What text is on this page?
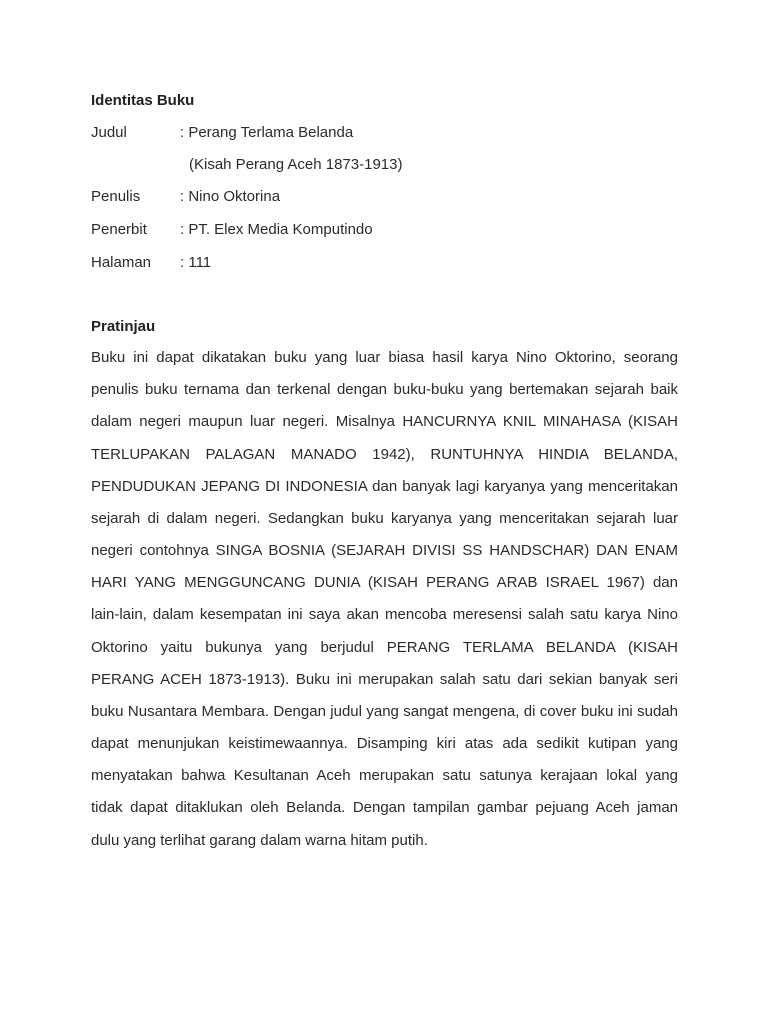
Identitas Buku
Judul	: Perang Terlama Belanda
(Kisah Perang Aceh 1873-1913)
Penulis	: Nino Oktorina
Penerbit : PT. Elex Media Komputindo
Halaman : 111
Pratinjau
Buku ini dapat dikatakan buku yang luar biasa hasil karya Nino Oktorino, seorang
penulis buku ternama dan terkenal dengan buku-buku yang bertemakan sejarah baik
dalam negeri maupun luar negeri. Misalnya HANCURNYA KNIL MINAHASA (KISAH
TERLUPAKAN PALAGAN MANADO 1942), RUNTUHNYA HINDIA BELANDA,
PENDUDUKAN JEPANG DI INDONESIA dan banyak lagi karyanya yang menceritakan
sejarah di dalam negeri. Sedangkan buku karyanya yang menceritakan sejarah luar
negeri contohnya SINGA BOSNIA (SEJARAH DIVISI SS HANDSCHAR) DAN ENAM
HARI YANG MENGGUNCANG DUNIA (KISAH PERANG ARAB ISRAEL 1967) dan
lain-lain, dalam kesempatan ini saya akan mencoba meresensi salah satu karya Nino
Oktorino yaitu bukunya yang berjudul PERANG TERLAMA BELANDA (KISAH
PERANG ACEH 1873-1913). Buku ini merupakan salah satu dari sekian banyak seri
buku Nusantara Membara. Dengan judul yang sangat mengena, di cover buku ini sudah
dapat menunjukan keistimewaannya. Disamping kiri atas ada sedikit kutipan yang
menyatakan bahwa Kesultanan Aceh merupakan satu satunya kerajaan lokal yang
tidak dapat ditaklukan oleh Belanda. Dengan tampilan gambar pejuang Aceh jaman
dulu yang terlihat garang dalam warna hitam putih.
